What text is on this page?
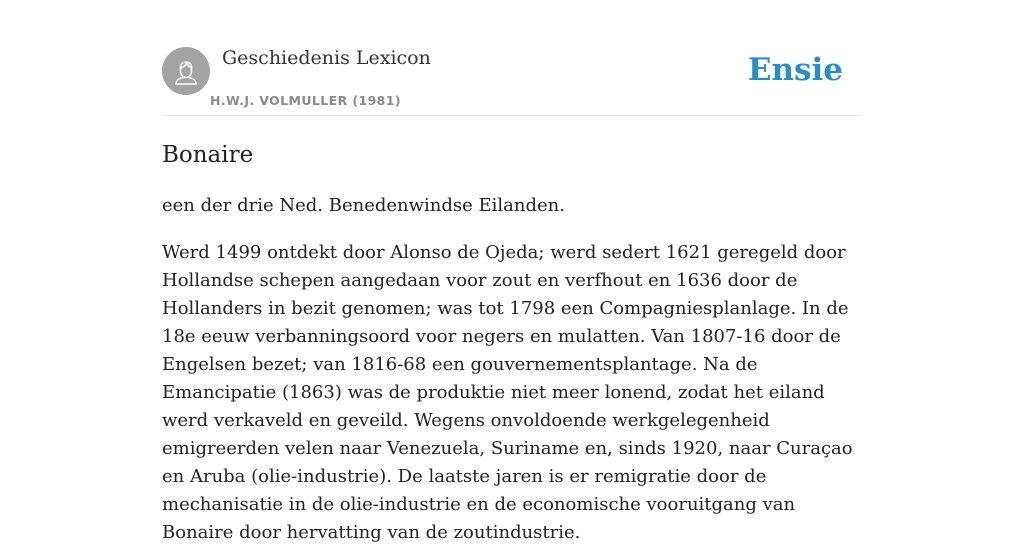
Geschiedenis Lexicon
H.W.J. VOLMULLER (1981)
Ensie
Bonaire

een der drie Ned. Benedenwindse Eilanden.

Werd 1499 ontdekt door Alonso de Ojeda; werd sedert 1621 geregeld door Hollandse schepen aangedaan voor zout en verfhout en 1636 door de Hollanders in bezit genomen; was tot 1798 een Compagniesplanlage. In de 18e eeuw verbanningsoord voor negers en mulatten. Van 1807-16 door de Engelsen bezet; van 1816-68 een gouvernementsplantage. Na de Emancipatie (1863) was de produktie niet meer lonend, zodat het eiland werd verkaveld en geveild. Wegens onvoldoende werkgelegenheid emigreerden velen naar Venezuela, Suriname en, sinds 1920, naar Curaçao en Aruba (olie-industrie). De laatste jaren is er remigratie door de mechanisatie in de olie-industrie en de economische vooruitgang van Bonaire door hervatting van de zoutindustrie.
